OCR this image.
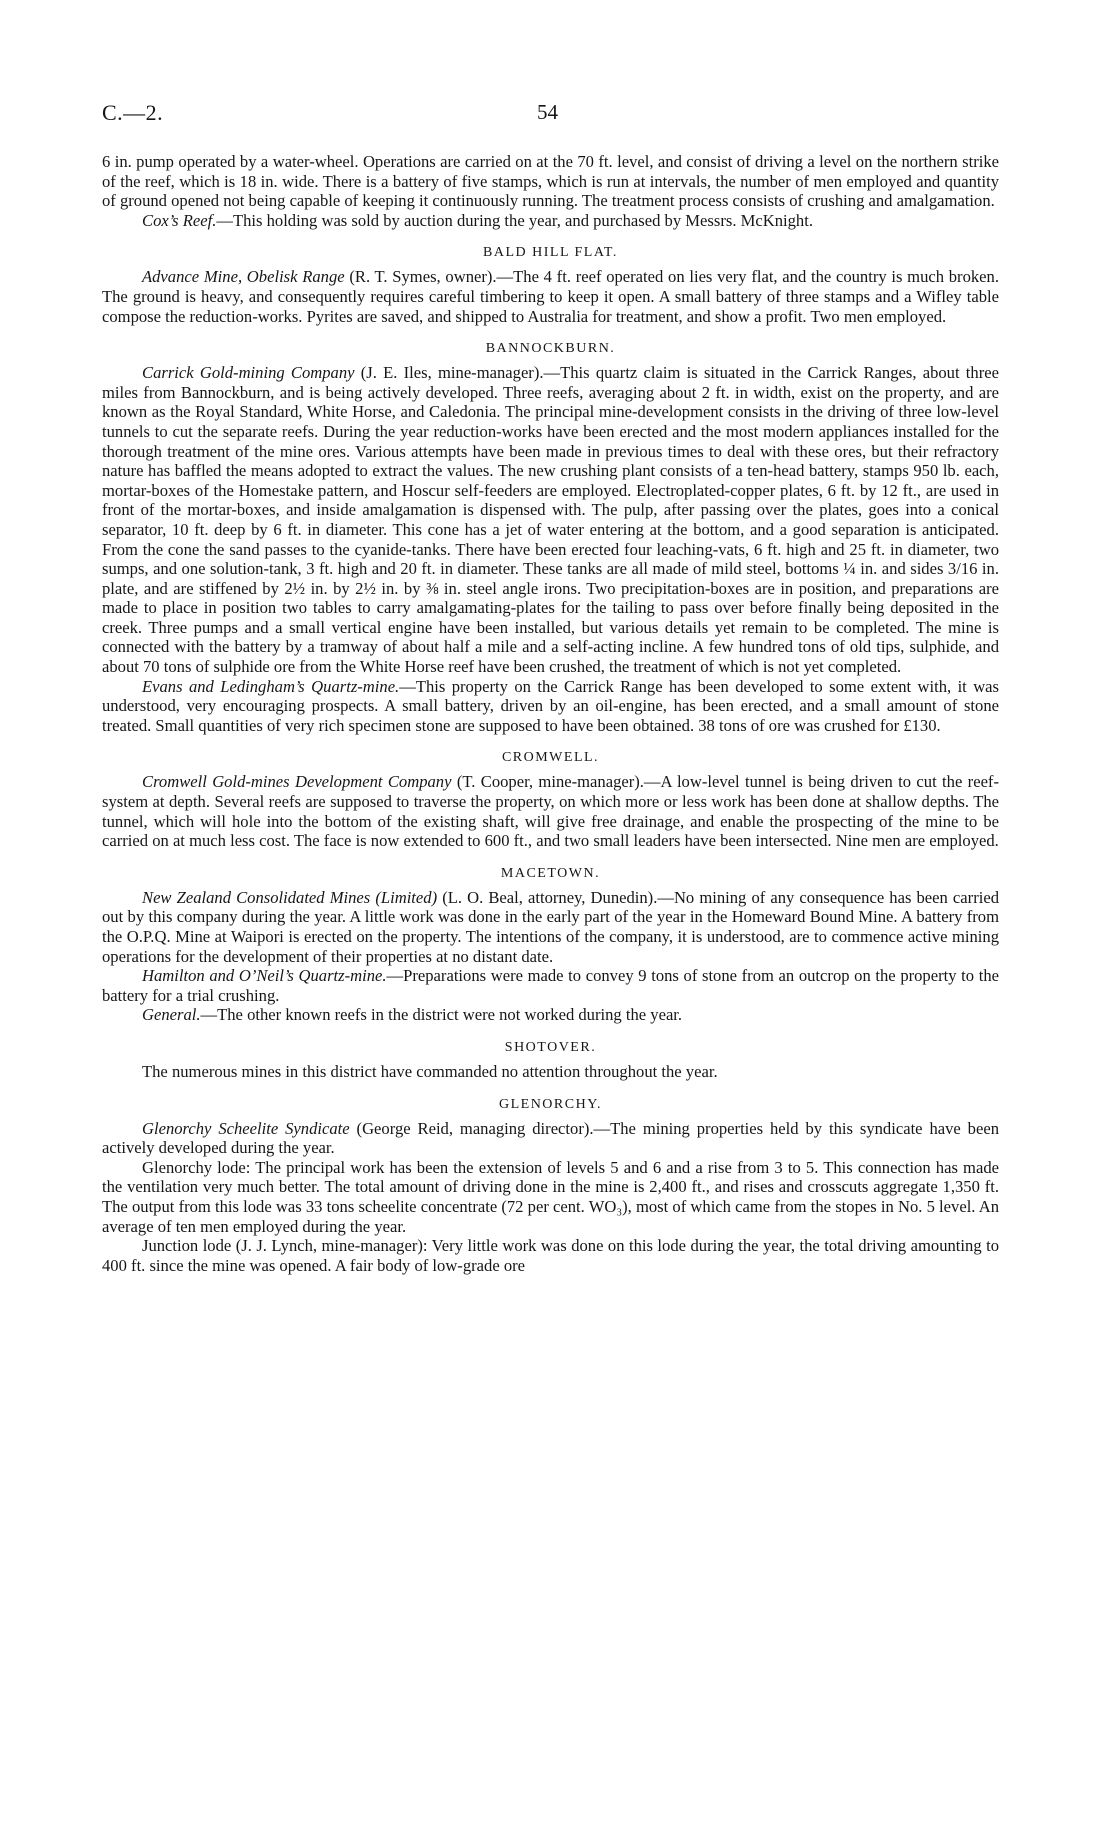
C.—2.	54

6 in. pump operated by a water-wheel. Operations are carried on at the 70 ft. level, and consist of driving a level on the northern strike of the reef, which is 18 in. wide. There is a battery of five stamps, which is run at intervals, the number of men employed and quantity of ground opened not being capable of keeping it continuously running. The treatment process consists of crushing and amalgamation.

Cox’s Reef.—This holding was sold by auction during the year, and purchased by Messrs. McKnight.

BALD HILL FLAT.

Advance Mine, Obelisk Range (R. T. Symes, owner).—The 4 ft. reef operated on lies very flat, and the country is much broken. The ground is heavy, and consequently requires careful timbering to keep it open. A small battery of three stamps and a Wifley table compose the reduction-works. Pyrites are saved, and shipped to Australia for treatment, and show a profit. Two men employed.

BANNOCKBURN.

Carrick Gold-mining Company (J. E. Iles, mine-manager).—This quartz claim is situated in the Carrick Ranges, about three miles from Bannockburn, and is being actively developed. Three reefs, averaging about 2 ft. in width, exist on the property, and are known as the Royal Standard, White Horse, and Caledonia. The principal mine-development consists in the driving of three low-level tunnels to cut the separate reefs. During the year reduction-works have been erected and the most modern appliances installed for the thorough treatment of the mine ores. Various attempts have been made in previous times to deal with these ores, but their refractory nature has baffled the means adopted to extract the values. The new crushing plant consists of a ten-head battery, stamps 950 lb. each, mortar-boxes of the Homestake pattern, and Hoscur self-feeders are employed. Electroplated-copper plates, 6 ft. by 12 ft., are used in front of the mortar-boxes, and inside amalgamation is dispensed with. The pulp, after passing over the plates, goes into a conical separator, 10 ft. deep by 6 ft. in diameter. This cone has a jet of water entering at the bottom, and a good separation is anticipated. From the cone the sand passes to the cyanide-tanks. There have been erected four leaching-vats, 6 ft. high and 25 ft. in diameter, two sumps, and one solution-tank, 3 ft. high and 20 ft. in diameter. These tanks are all made of mild steel, bottoms ¼ in. and sides 3/16 in. plate, and are stiffened by 2½ in. by 2½ in. by ⅜ in. steel angle irons. Two precipitation-boxes are in position, and preparations are made to place in position two tables to carry amalgamating-plates for the tailing to pass over before finally being deposited in the creek. Three pumps and a small vertical engine have been installed, but various details yet remain to be completed. The mine is connected with the battery by a tramway of about half a mile and a self-acting incline. A few hundred tons of old tips, sulphide, and about 70 tons of sulphide ore from the White Horse reef have been crushed, the treatment of which is not yet completed.

Evans and Ledingham’s Quartz-mine.—This property on the Carrick Range has been developed to some extent with, it was understood, very encouraging prospects. A small battery, driven by an oil-engine, has been erected, and a small amount of stone treated. Small quantities of very rich specimen stone are supposed to have been obtained. 38 tons of ore was crushed for £130.

CROMWELL.

Cromwell Gold-mines Development Company (T. Cooper, mine-manager).—A low-level tunnel is being driven to cut the reef-system at depth. Several reefs are supposed to traverse the property, on which more or less work has been done at shallow depths. The tunnel, which will hole into the bottom of the existing shaft, will give free drainage, and enable the prospecting of the mine to be carried on at much less cost. The face is now extended to 600 ft., and two small leaders have been intersected. Nine men are employed.

MACETOWN.

New Zealand Consolidated Mines (Limited) (L. O. Beal, attorney, Dunedin).—No mining of any consequence has been carried out by this company during the year. A little work was done in the early part of the year in the Homeward Bound Mine. A battery from the O.P.Q. Mine at Waipori is erected on the property. The intentions of the company, it is understood, are to commence active mining operations for the development of their properties at no distant date.

Hamilton and O’Neil’s Quartz-mine.—Preparations were made to convey 9 tons of stone from an outcrop on the property to the battery for a trial crushing.

General.—The other known reefs in the district were not worked during the year.

SHOTOVER.

The numerous mines in this district have commanded no attention throughout the year.

GLENORCHY.

Glenorchy Scheelite Syndicate (George Reid, managing director).—The mining properties held by this syndicate have been actively developed during the year.

Glenorchy lode: The principal work has been the extension of levels 5 and 6 and a rise from 3 to 5. This connection has made the ventilation very much better. The total amount of driving done in the mine is 2,400 ft., and rises and crosscuts aggregate 1,350 ft. The output from this lode was 33 tons scheelite concentrate (72 per cent. WO₃), most of which came from the stopes in No. 5 level. An average of ten men employed during the year.

Junction lode (J. J. Lynch, mine-manager): Very little work was done on this lode during the year, the total driving amounting to 400 ft. since the mine was opened. A fair body of low-grade ore
